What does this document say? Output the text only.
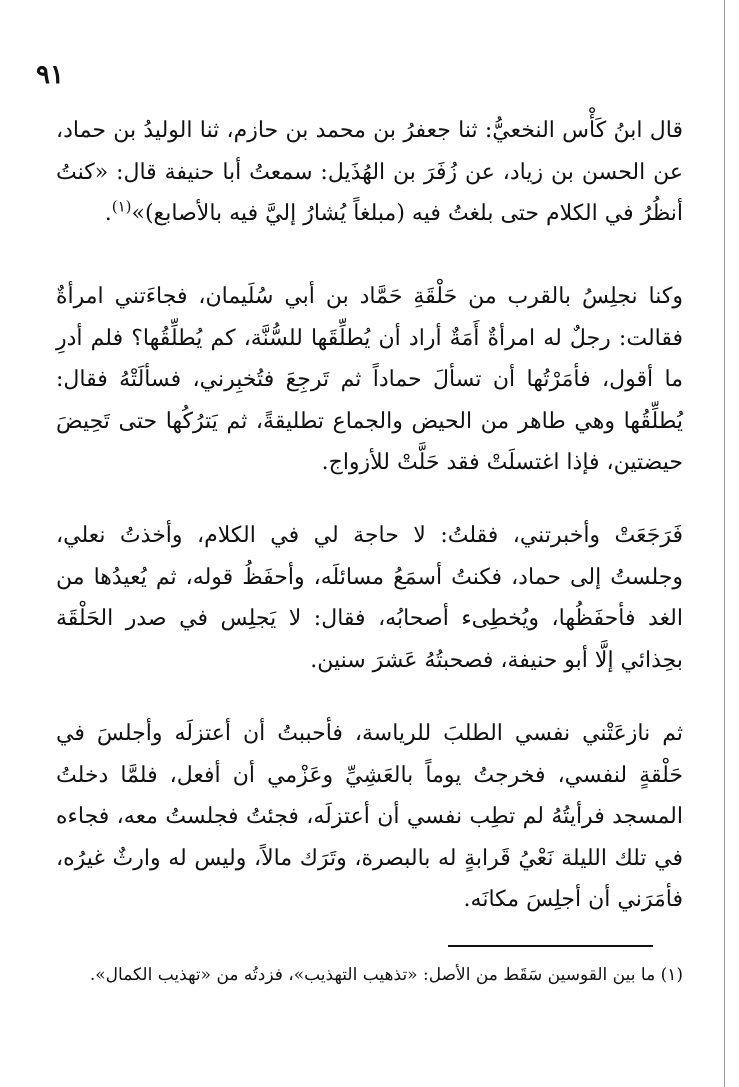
٩١

قال ابنُ كَأْس النخعيُّ: ثنا جعفرُ بن محمد بن حازم، ثنا الوليدُ بن حماد، عن الحسن بن زياد، عن زُفَرَ بن الهُذَيل: سمعتُ أبا حنيفة قال: «كنتُ أنظُرُ في الكلام حتى بلغتُ فيه (مبلغاً يُشارُ إليَّ فيه بالأصابع)»$^{(١)}$.

وكنا نجلِسُ بالقرب من حَلْقَةِ حَمَّاد بن أبي سُلَيمان، فجاءَتني امرأةٌ فقالت: رجلٌ له امرأةٌ أَمَةٌ أراد أن يُطلِّقَها للسُّنَّة، كم يُطلِّقُها؟ فلم أدرِ ما أقول، فأمَرْتُها أن تسألَ حماداً ثم تَرجِعَ فتُخبِرني، فسألَتْهُ فقال: يُطلِّقُها وهي طاهر من الحيض والجماع تطليقةً، ثم يَترُكُها حتى تَحِيضَ حيضتين، فإذا اغتسلَتْ فقد حَلَّتْ للأزواج.

فَرَجَعَتْ وأخبرتني، فقلتُ: لا حاجة لي في الكلام، وأخذتُ نعلي، وجلستُ إلى حماد، فكنتُ أسمَعُ مسائلَه، وأحفَظُ قوله، ثم يُعيدُها من الغد فأحفَظُها، ويُخطِىء أصحابُه، فقال: لا يَجلِس في صدر الحَلْقَة بحِذائي إلَّا أبو حنيفة، فصحبتُهُ عَشرَ سنين.

ثم نازعَتْني نفسي الطلبَ للرياسة، فأحببتُ أن أعتزلَه وأجلسَ في حَلْقةٍ لنفسي، فخرجتُ يوماً بالعَشِيِّ وعَزْمي أن أفعل، فلمَّا دخلتُ المسجد فرأيتُهُ لم تطِب نفسي أن أعتزلَه، فجئتُ فجلستُ معه، فجاءه في تلك الليلة نَعْيُ قَرابةٍ له بالبصرة، وتَرَك مالاً، وليس له وارثٌ غيرُه، فأمَرَني أن أجلِسَ مكانَه.

(١) ما بين القوسين سَقَط من الأصل: «تذهيب التهذيب»، فزدتُه من «تهذيب الكمال».
